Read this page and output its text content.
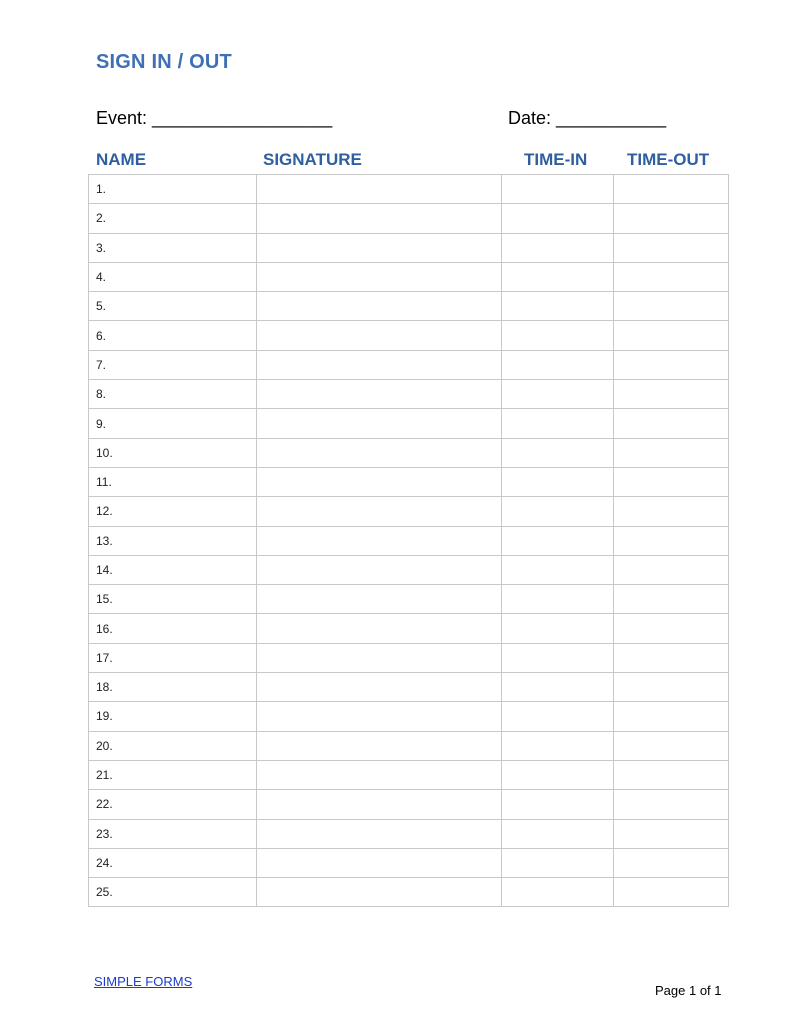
SIGN IN / OUT
Event: __________________	Date: ___________
NAME	SIGNATURE	TIME-IN TIME-OUT
1.			
2.			
3.			
4.			
5.			
6.			
7.			
8.			
9.			
10.			
11.			
12.			
13.			
14.			
15.			
16.			
17.			
18.			
19.			
20.			
21.			
22.			
23.			
24.			
25.			
SIMPLE FORMS
Page 1 of 1
